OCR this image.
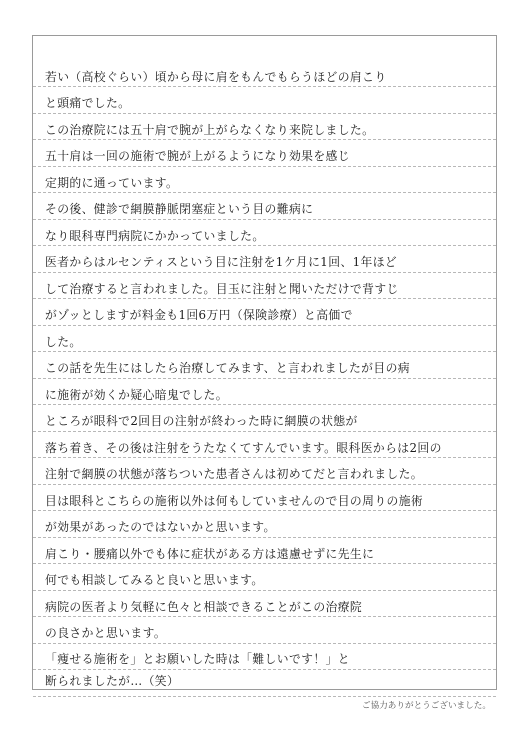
若い（高校ぐらい）頃から母に肩をもんでもらうほどの肩こり
と頭痛でした。
この治療院には五十肩で腕が上がらなくなり来院しました。
五十肩は一回の施術で腕が上がるようになり効果を感じ
定期的に通っています。
その後、健診で網膜静脈閉塞症という目の難病に
なり眼科専門病院にかかっていました。
医者からはルセンティスという目に注射を1ケ月に1回、1年ほど
して治療すると言われました。目玉に注射と聞いただけで背すじ
がゾッとしますが料金も1回6万円（保険診療）と高価で
した。
この話を先生にはしたら治療してみます、と言われましたが目の病
に施術が効くか疑心暗鬼でした。
ところが眼科で2回目の注射が終わった時に網膜の状態が
落ち着き、その後は注射をうたなくてすんでいます。眼科医からは2回の
注射で網膜の状態が落ちついた患者さんは初めてだと言われました。
目は眼科とこちらの施術以外は何もしていませんので目の周りの施術
が効果があったのではないかと思います。
肩こり・腰痛以外でも体に症状がある方は遠慮せずに先生に
何でも相談してみると良いと思います。
病院の医者より気軽に色々と相談できることがこの治療院
の良さかと思います。
「痩せる施術を」とお願いした時は「難しいです！」と
断られましたが…（笑）
ご協力ありがとうございました。
